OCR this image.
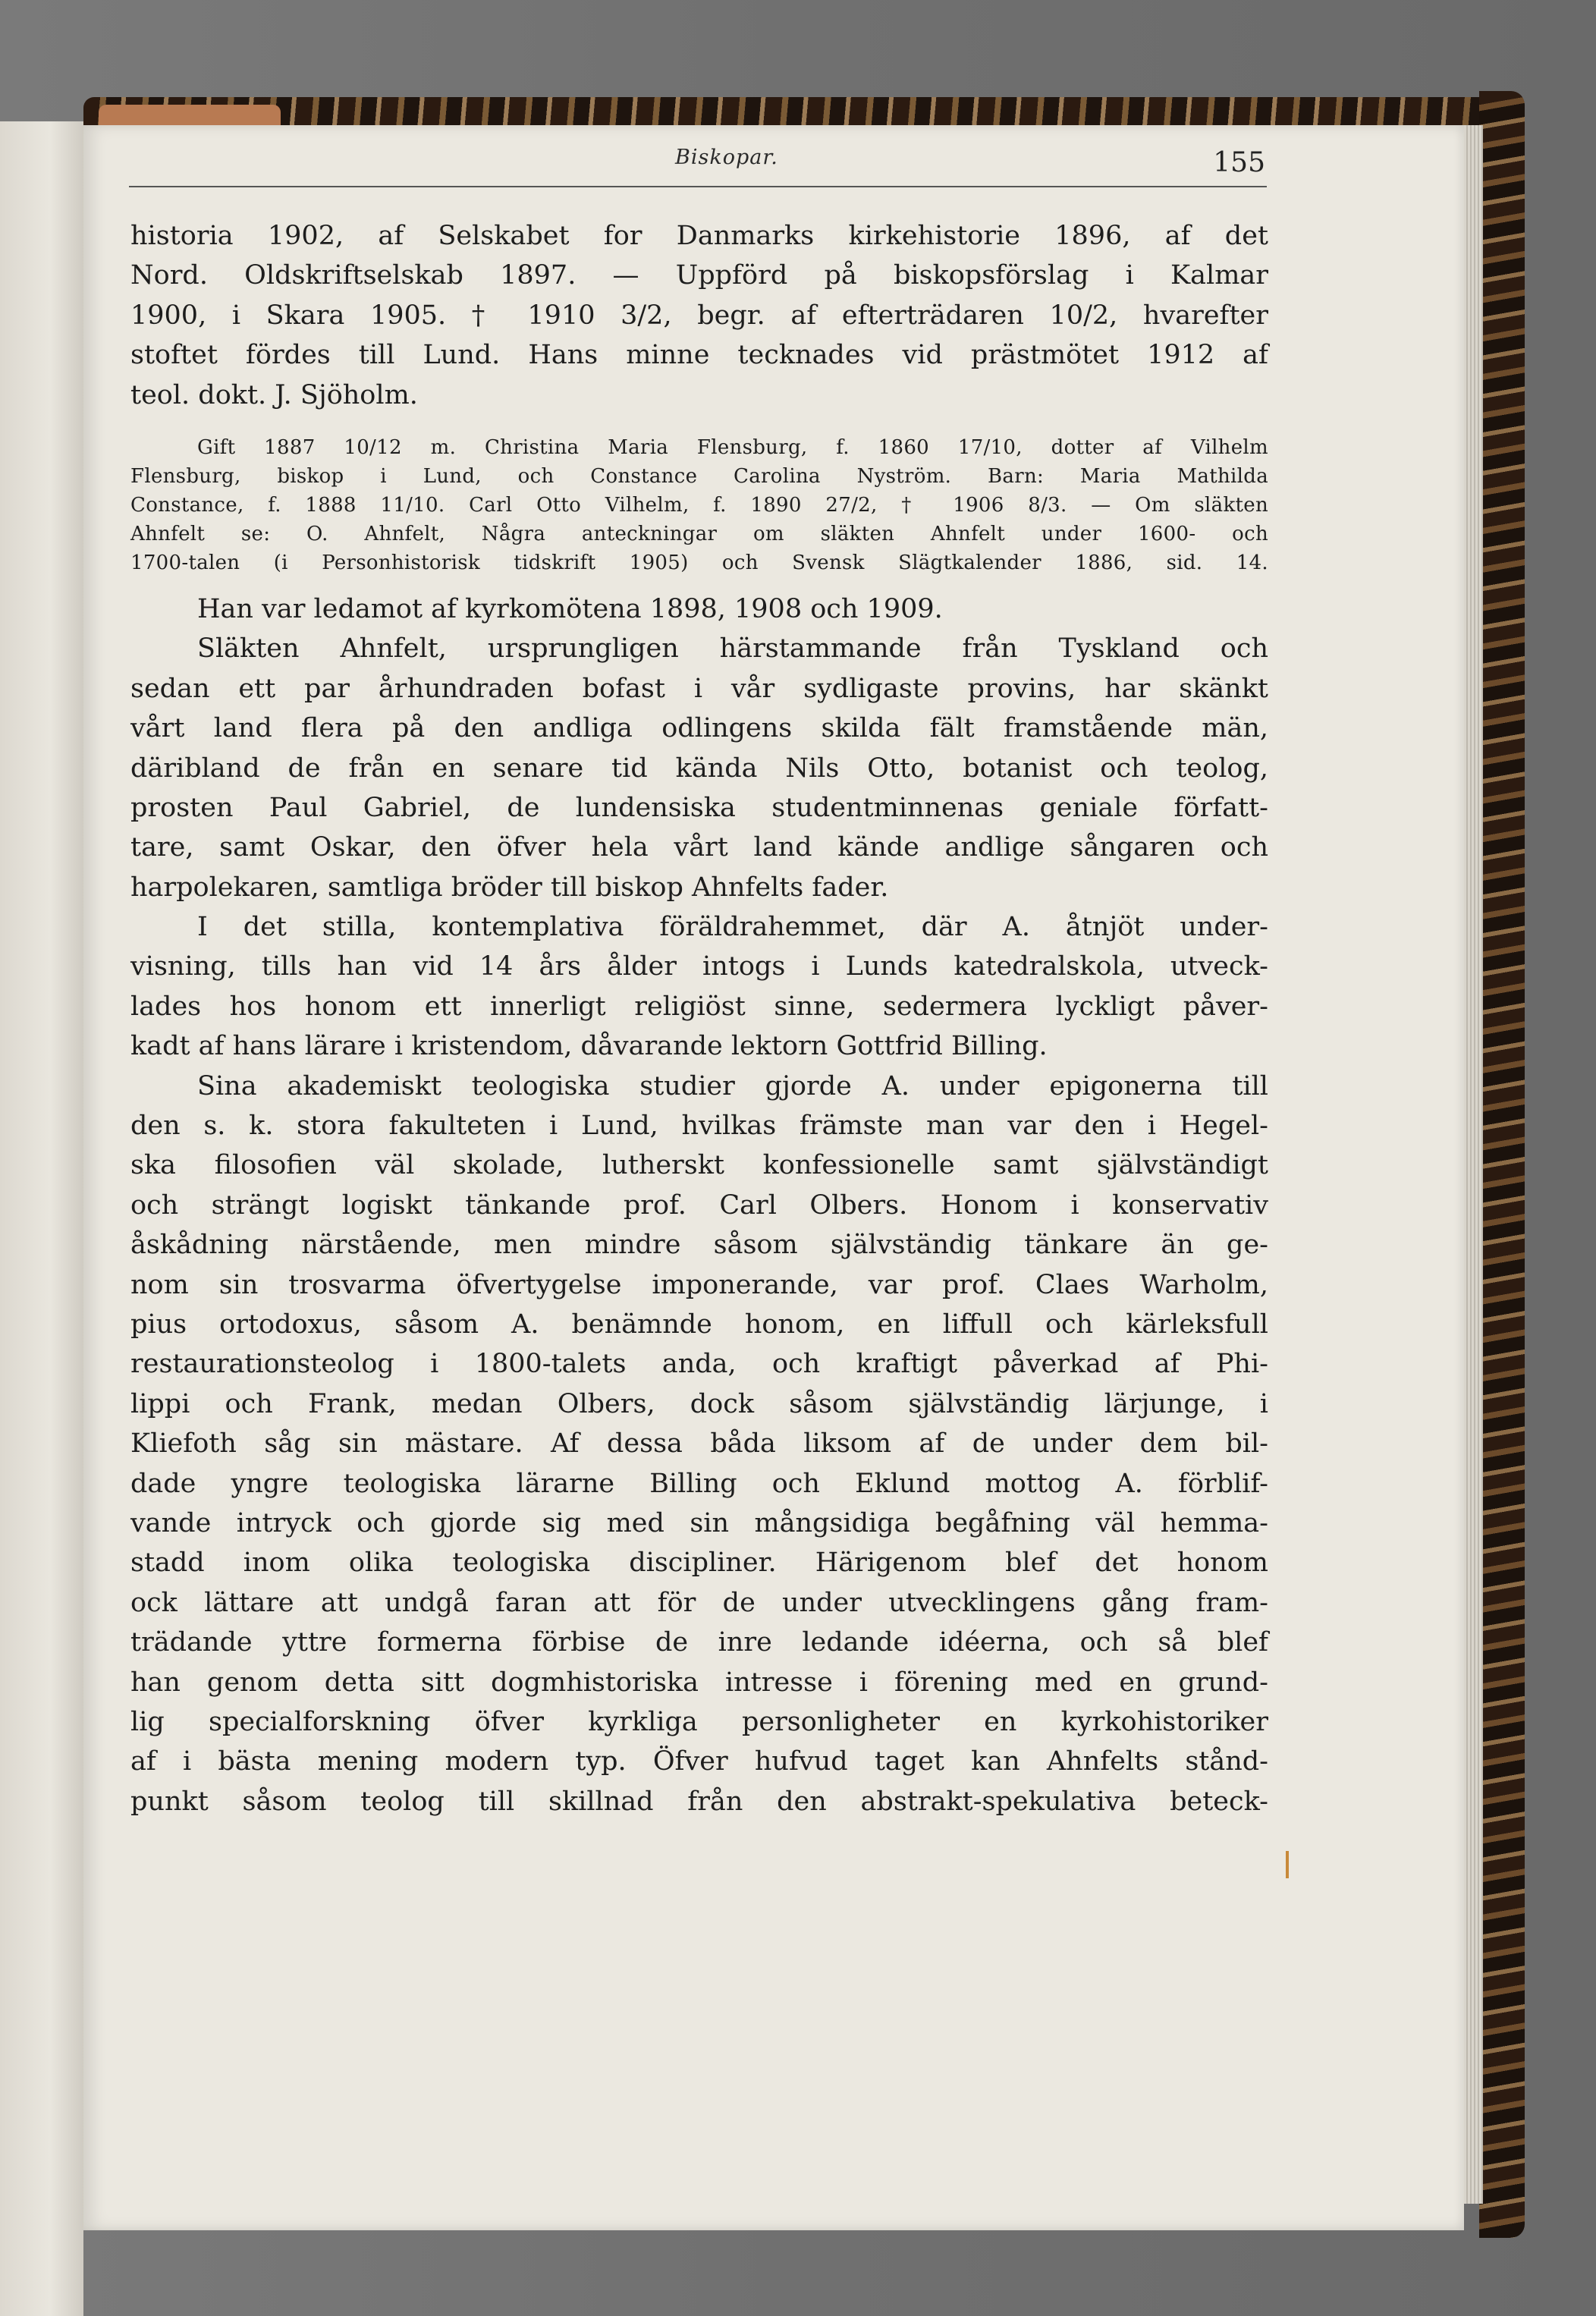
Biskopar.	155
historia 1902, af Selskabet for Danmarks kirkehistorie 1896, af det
Nord. Oldskriftselskab 1897. — Uppförd på biskopsförslag i Kalmar
1900, i Skara 1905. † 1910 3/2, begr. af efterträdaren 10/2, hvarefter
stoftet fördes till Lund. Hans minne tecknades vid prästmötet 1912 af
teol. dokt. J. Sjöholm.
Gift 1887 10/12 m. Christina Maria Flensburg, f. 1860 17/10, dotter af Vilhelm
Flensburg, biskop i Lund, och Constance Carolina Nyström. Barn: Maria Mathilda
Constance, f. 1888 11/10. Carl Otto Vilhelm, f. 1890 27/2, † 1906 8/3. — Om släkten
Ahnfelt se: O. Ahnfelt, Några anteckningar om släkten Ahnfelt under 1600- och
1700-talen (i Personhistorisk tidskrift 1905) och Svensk Slägtkalender 1886, sid. 14.
Han var ledamot af kyrkomötena 1898, 1908 och 1909.
Släkten Ahnfelt, ursprungligen härstammande från Tyskland och
sedan ett par århundraden bofast i vår sydligaste provins, har skänkt
vårt land flera på den andliga odlingens skilda fält framstående män,
däribland de från en senare tid kända Nils Otto, botanist och teolog,
prosten Paul Gabriel, de lundensiska studentminnenas geniale författ-
tare, samt Oskar, den öfver hela vårt land kände andlige sångaren och
harpolekaren, samtliga bröder till biskop Ahnfelts fader.
I det stilla, kontemplativa föräldrahemmet, där A. åtnjöt under-
visning, tills han vid 14 års ålder intogs i Lunds katedralskola, utveck-
lades hos honom ett innerligt religiöst sinne, sedermera lyckligt påver-
kadt af hans lärare i kristendom, dåvarande lektorn Gottfrid Billing.
Sina akademiskt teologiska studier gjorde A. under epigonerna till
den s. k. stora fakulteten i Lund, hvilkas främste man var den i Hegel-
ska filosofien väl skolade, lutherskt konfessionelle samt självständigt
och strängt logiskt tänkande prof. Carl Olbers. Honom i konservativ
åskådning närstående, men mindre såsom självständig tänkare än ge-
nom sin trosvarma öfvertygelse imponerande, var prof. Claes Warholm,
pius ortodoxus, såsom A. benämnde honom, en liffull och kärleksfull
restaurationsteolog i 1800-talets anda, och kraftigt påverkad af Phi-
lippi och Frank, medan Olbers, dock såsom självständig lärjunge, i
Kliefoth såg sin mästare. Af dessa båda liksom af de under dem bil-
dade yngre teologiska lärarne Billing och Eklund mottog A. förblif-
vande intryck och gjorde sig med sin mångsidiga begåfning väl hemma-
stadd inom olika teologiska discipliner. Härigenom blef det honom
ock lättare att undgå faran att för de under utvecklingens gång fram-
trädande yttre formerna förbise de inre ledande idéerna, och så blef
han genom detta sitt dogmhistoriska intresse i förening med en grund-
lig specialforskning öfver kyrkliga personligheter en kyrkohistoriker
af i bästa mening modern typ. Öfver hufvud taget kan Ahnfelts stånd-
punkt såsom teolog till skillnad från den abstrakt-spekulativa beteck-
